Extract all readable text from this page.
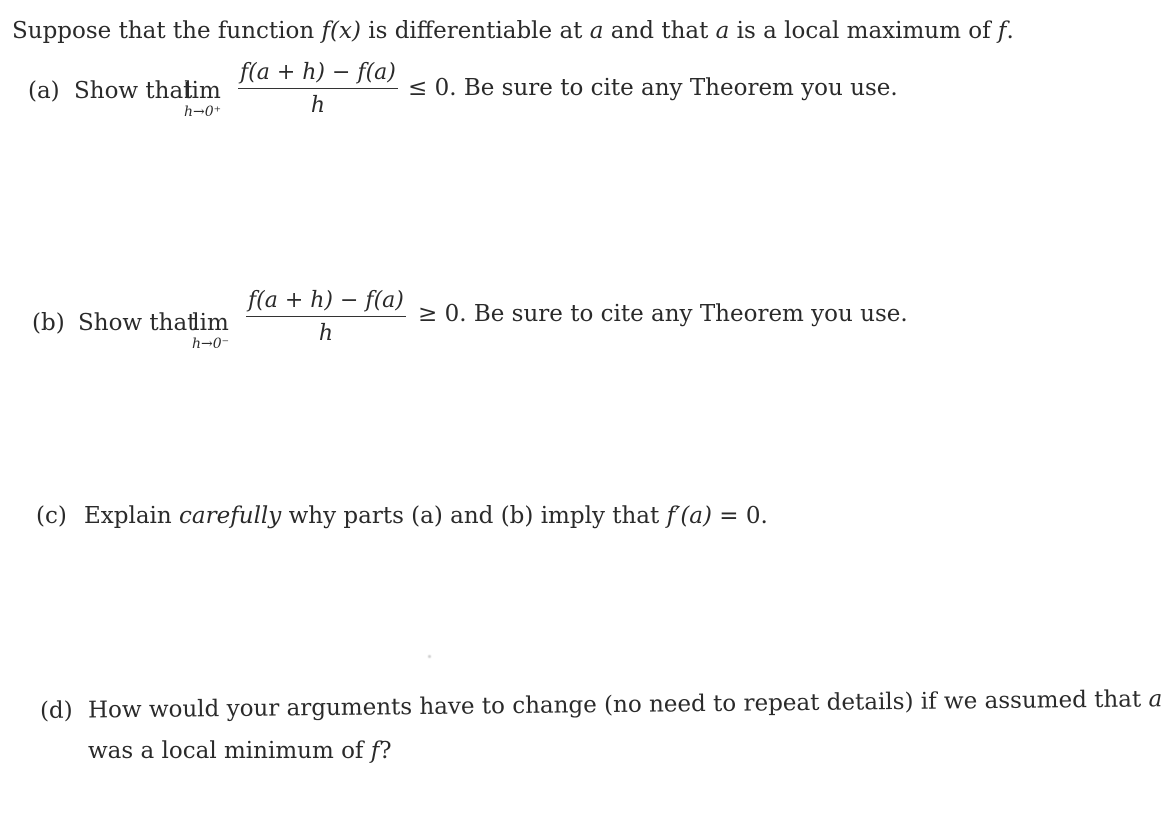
Suppose that the function f(x) is differentiable at a and that a is a local maximum of f.
(a) Show that
lim
$h\to 0^+ \frac{f(a + h) - f(a)}{h} \le 0$. Be sure to cite any Theorem you use.
(b) Show that
lim
$h\to 0^- \frac{f(a + h) - f(a)}{h} \ge 0$. Be sure to cite any Theorem you use.
(c) Explain carefully why parts (a) and (b) imply that f′(a) = 0.
(d) How would your arguments have to change (no need to repeat details) if we assumed that a
was a local minimum of f?
